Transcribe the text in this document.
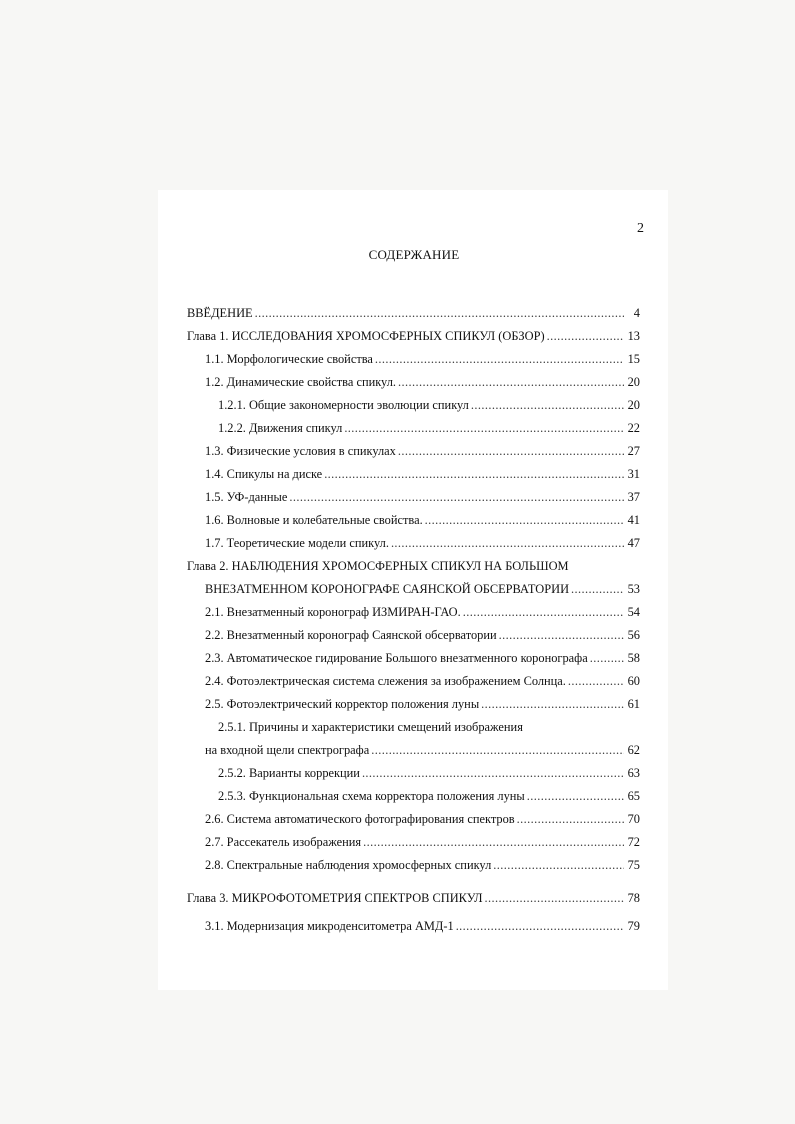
2
СОДЕРЖАНИЕ
ВВЁДЕНИЕ .....	4
Глава 1. ИССЛЕДОВАНИЯ ХРОМОСФЕРНЫХ СПИКУЛ (ОБЗОР) .....	13
1.1. Морфологические свойства .....	15
1.2. Динамические свойства спикул. .....	20
1.2.1. Общие закономерности эволюции спикул .....	20
1.2.2. Движения спикул .....	22
1.3. Физические условия в спикулах .....	27
1.4. Спикулы на диске .....	31
1.5. УФ-данные .....	37
1.6. Волновые и колебательные свойства. .....	41
1.7. Теоретические модели спикул. .....	47
Глава 2. НАБЛЮДЕНИЯ ХРОМОСФЕРНЫХ СПИКУЛ НА БОЛЬШОМ
ВНЕЗАТМЕННОМ КОРОНОГРАФЕ САЯНСКОЙ ОБСЕРВАТОРИИ .....	53
2.1. Внезатменный коронограф ИЗМИРАН-ГАО. .....	54
2.2. Внезатменный коронограф Саянской обсерватории .....	56
2.3. Автоматическое гидирование Большого внезатменного коронографа .....	58
2.4. Фотоэлектрическая система слежения за изображением Солнца. .....	60
2.5. Фотоэлектрический корректор положения луны .....	61
2.5.1. Причины и характеристики смещений изображения
на входной щели спектрографа .....	62
2.5.2. Варианты коррекции .....	63
2.5.3. Функциональная схема корректора положения луны .....	65
2.6. Система автоматического фотографирования спектров .....	70
2.7. Рассекатель изображения .....	72
2.8. Спектральные наблюдения хромосферных спикул .....	75
Глава 3. МИКРОФОТОМЕТРИЯ СПЕКТРОВ СПИКУЛ .....	78
3.1. Модернизация микроденситометра АМД-1 .....	79
